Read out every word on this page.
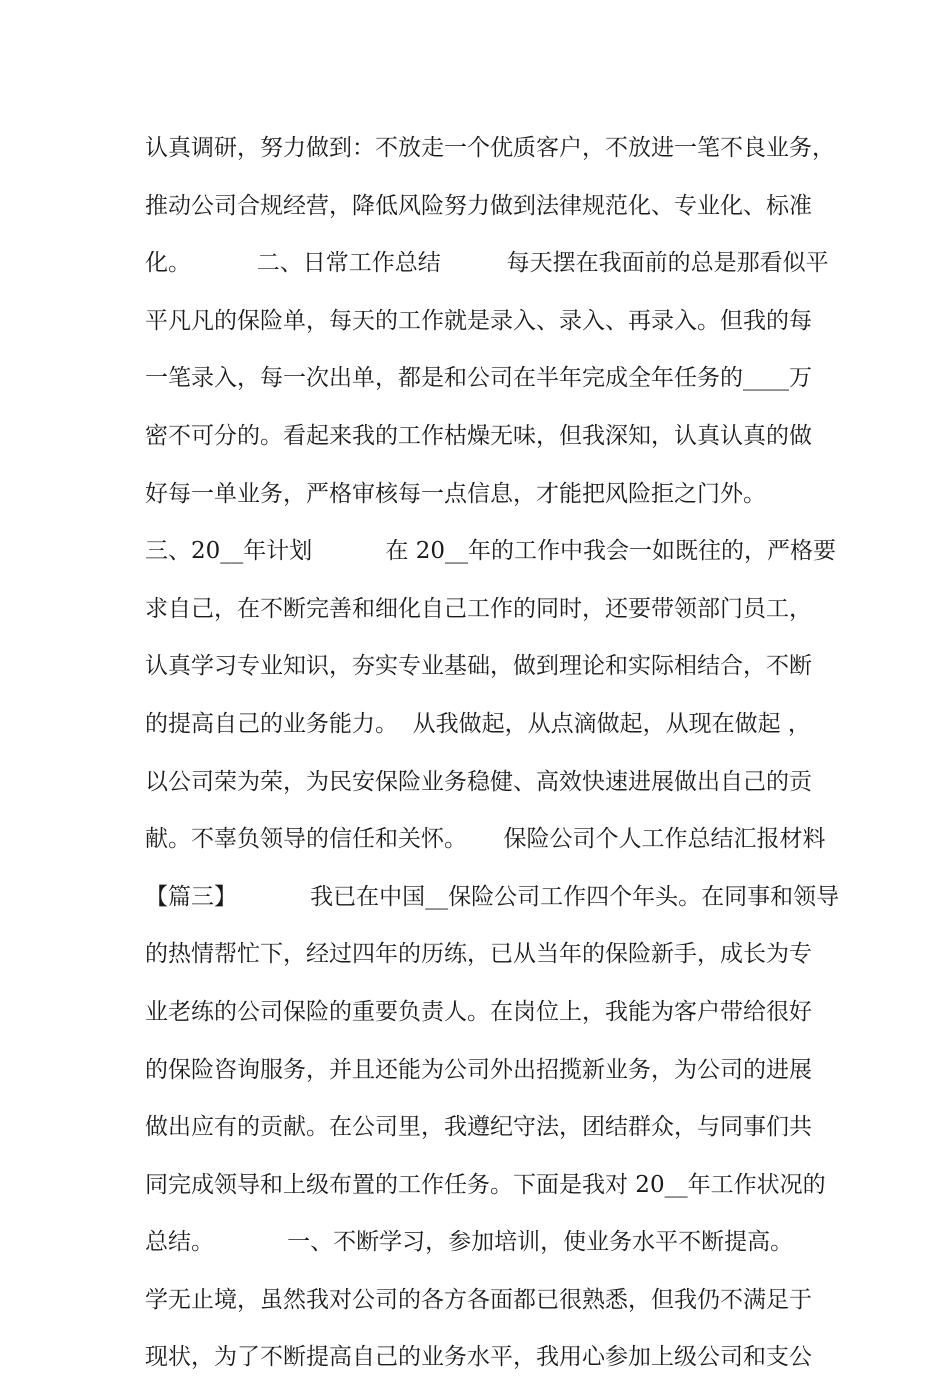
认真调研，努力做到：不放走一个优质客户，不放进一笔不良业务，
推动公司合规经营，降低风险努力做到法律规范化、专业化、标准
化。         二、日常工作总结         每天摆在我面前的总是那看似平
平凡凡的保险单，每天的工作就是录入、录入、再录入。但我的每
一笔录入，每一次出单，都是和公司在半年完成全年任务的____万
密不可分的。看起来我的工作枯燥无味，但我深知，认真认真的做
好每一单业务，严格审核每一点信息，才能把风险拒之门外。
三、20__年计划          在 20__年的工作中我会一如既往的，严格要
求自己，在不断完善和细化自己工作的同时，还要带领部门员工，
认真学习专业知识，夯实专业基础，做到理论和实际相结合，不断
的提高自己的业务能力。  从我做起，从点滴做起，从现在做起 ，
以公司荣为荣，为民安保险业务稳健、高效快速进展做出自己的贡
献。不辜负领导的信任和关怀。     保险公司个人工作总结汇报材料
【篇三】          我已在中国__保险公司工作四个年头。在同事和领导
的热情帮忙下，经过四年的历练，已从当年的保险新手，成长为专
业老练的公司保险的重要负责人。在岗位上，我能为客户带给很好
的保险咨询服务，并且还能为公司外出招揽新业务，为公司的进展
做出应有的贡献。在公司里，我遵纪守法，团结群众，与同事们共
同完成领导和上级布置的工作任务。下面是我对 20__年工作状况的
总结。          一、不断学习，参加培训，使业务水平不断提高。
学无止境，虽然我对公司的各方各面都已很熟悉，但我仍不满足于
现状，为了不断提高自己的业务水平，我用心参加上级公司和支公
